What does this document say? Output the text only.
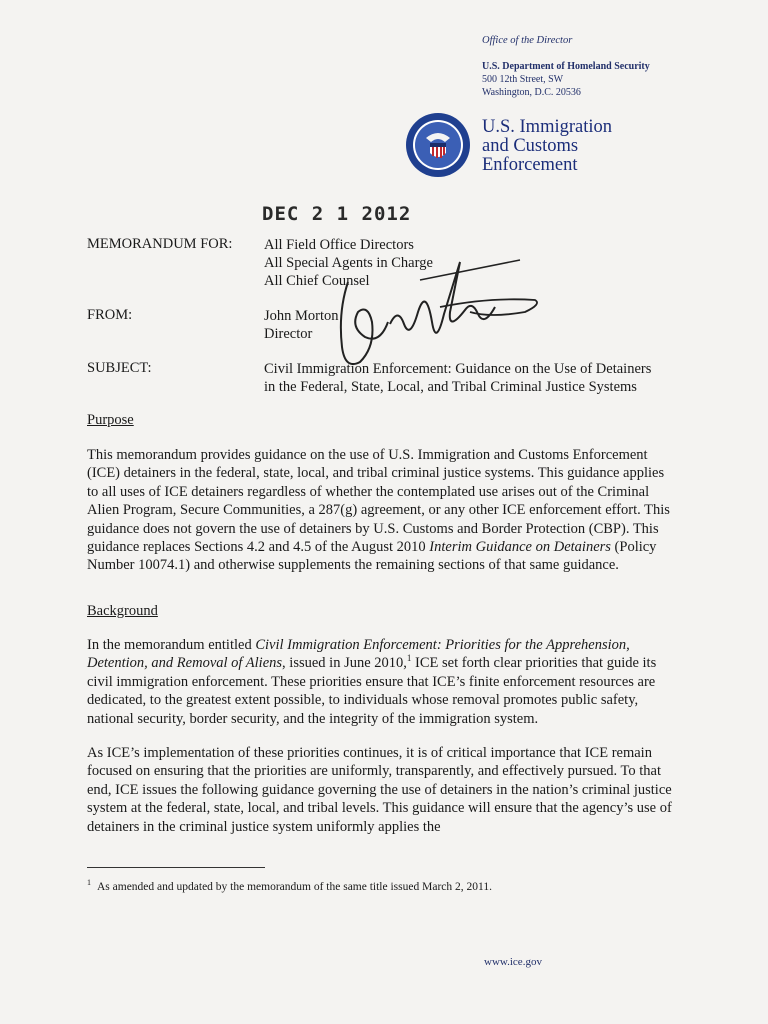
Office of the Director
U.S. Department of Homeland Security
500 12th Street, SW
Washington, D.C. 20536
U.S. Immigration
and Customs
Enforcement
DEC 2 1 2012
MEMORANDUM FOR: All Field Office Directors
All Special Agents in Charge
All Chief Counsel
FROM:	John Morton
Director
SUBJECT:	Civil Immigration Enforcement: Guidance on the Use of Detainers
in the Federal, State, Local, and Tribal Criminal Justice Systems
Purpose
This memorandum provides guidance on the use of U.S. Immigration and Customs Enforcement (ICE) detainers in the federal, state, local, and tribal criminal justice systems. This guidance applies to all uses of ICE detainers regardless of whether the contemplated use arises out of the Criminal Alien Program, Secure Communities, a 287(g) agreement, or any other ICE enforcement effort. This guidance does not govern the use of detainers by U.S. Customs and Border Protection (CBP). This guidance replaces Sections 4.2 and 4.5 of the August 2010 Interim Guidance on Detainers (Policy Number 10074.1) and otherwise supplements the remaining sections of that same guidance.
Background
In the memorandum entitled Civil Immigration Enforcement: Priorities for the Apprehension, Detention, and Removal of Aliens, issued in June 2010,$^1$ ICE set forth clear priorities that guide its civil immigration enforcement. These priorities ensure that ICE’s finite enforcement resources are dedicated, to the greatest extent possible, to individuals whose removal promotes public safety, national security, border security, and the integrity of the immigration system.
As ICE’s implementation of these priorities continues, it is of critical importance that ICE remain focused on ensuring that the priorities are uniformly, transparently, and effectively pursued. To that end, ICE issues the following guidance governing the use of detainers in the nation’s criminal justice system at the federal, state, local, and tribal levels. This guidance will ensure that the agency’s use of detainers in the criminal justice system uniformly applies the
$^1$ As amended and updated by the memorandum of the same title issued March 2, 2011.
www.ice.gov
